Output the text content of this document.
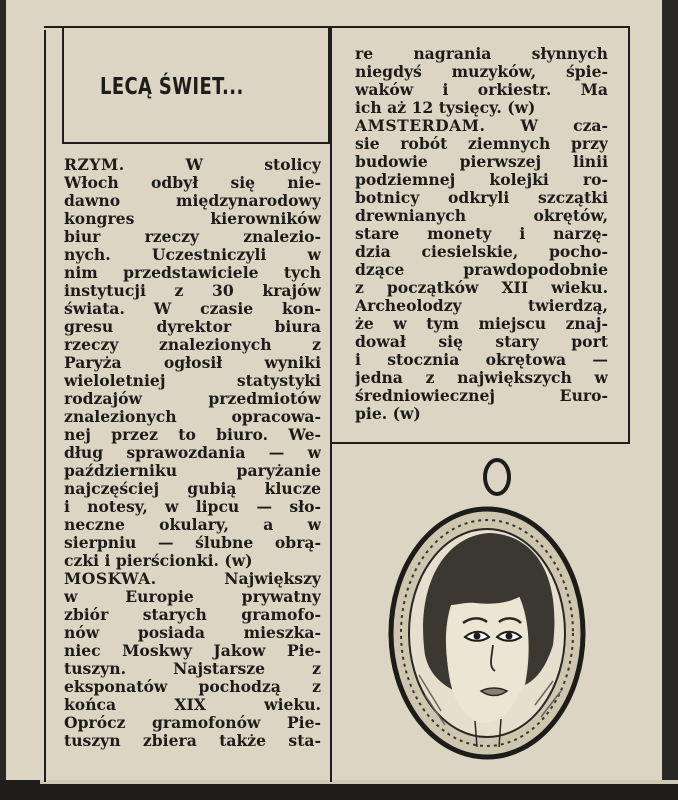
LECĄ ŚWIET...
RZYM. W stolicy
Włoch odbył się nie-
dawno międzynarodowy
kongres kierowników
biur rzeczy znalezio-
nych. Uczestniczyli w
nim przedstawiciele tych
instytucji z 30 krajów
świata. W czasie kon-
gresu dyrektor biura
rzeczy znalezionych z
Paryża ogłosił wyniki
wieloletniej statystyki
rodzajów przedmiotów
znalezionych opracowa-
nej przez to biuro. We-
dług sprawozdania — w
październiku paryżanie
najczęściej gubią klucze
i notesy, w lipcu — sło-
neczne okulary, a w
sierpniu — ślubne obrą-
czki i pierścionki. (w)
MOSKWA. Największy
w Europie prywatny
zbiór starych gramofo-
nów posiada mieszka-
niec Moskwy Jakow Pie-
tuszyn. Najstarsze z
eksponatów pochodzą z
końca XIX wieku.
Oprócz gramofonów Pie-
tuszyn zbiera także sta-
re nagrania słynnych
niegdyś muzyków, śpie-
waków i orkiestr. Ma
ich aż 12 tysięcy. (w)
AMSTERDAM. W cza-
sie robót ziemnych przy
budowie pierwszej linii
podziemnej kolejki ro-
botnicy odkryli szczątki
drewnianych okrętów,
stare monety i narzę-
dzia ciesielskie, pocho-
dzące prawdopodobnie
z początków XII wieku.
Archeolodzy twierdzą,
że w tym miejscu znaj-
dował się stary port
i stocznia okrętowa —
jedna z największych w
średniowiecznej Euro-
pie. (w)
